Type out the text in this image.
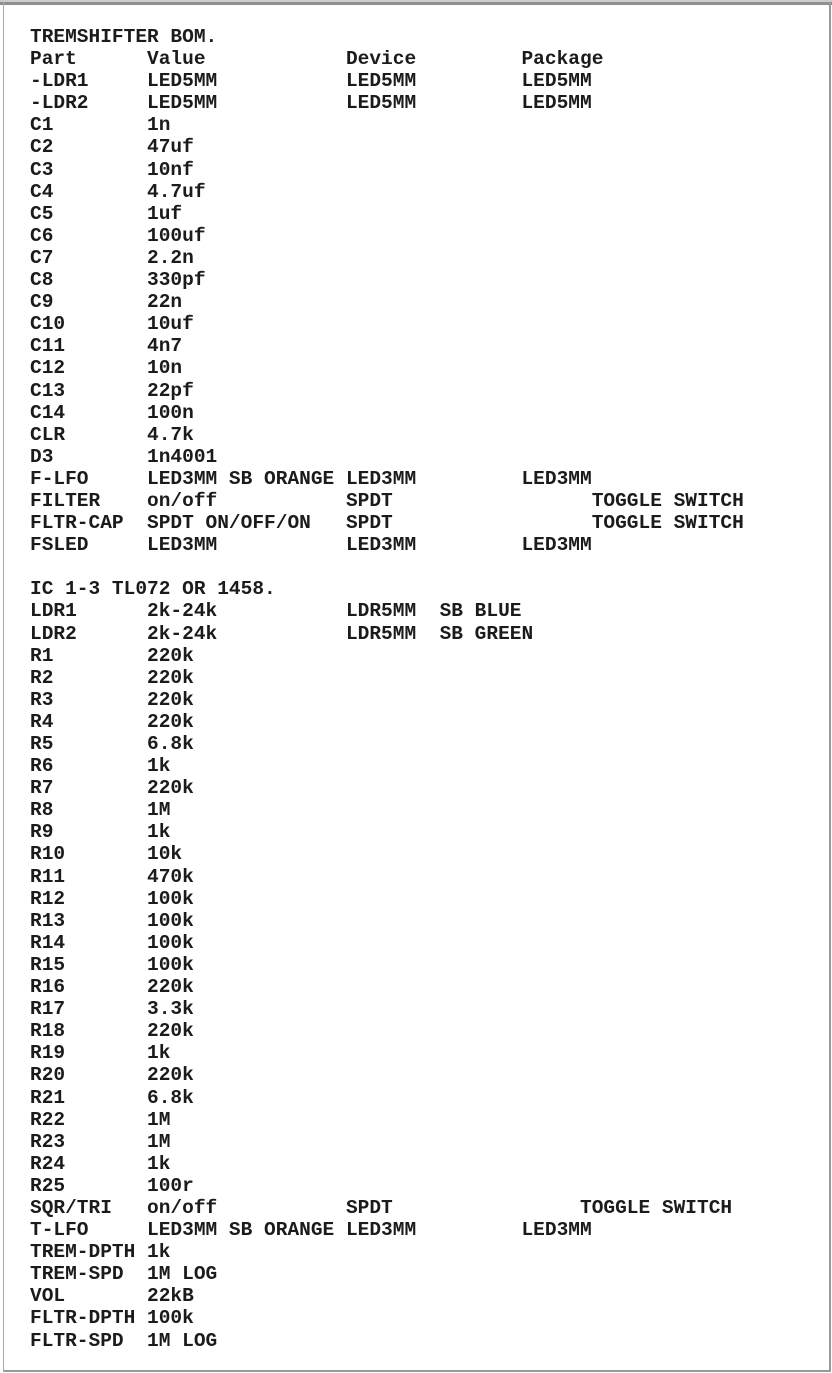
TREMSHIFTER BOM.
Part      Value            Device         Package
-LDR1     LED5MM           LED5MM         LED5MM
-LDR2     LED5MM           LED5MM         LED5MM
C1        1n
C2        47uf
C3        10nf
C4        4.7uf
C5        1uf
C6        100uf
C7        2.2n
C8        330pf
C9        22n
C10       10uf
C11       4n7
C12       10n
C13       22pf
C14       100n
CLR       4.7k
D3        1n4001
F-LFO     LED3MM SB ORANGE LED3MM         LED3MM
FILTER    on/off           SPDT                 TOGGLE SWITCH
FLTR-CAP  SPDT ON/OFF/ON   SPDT                 TOGGLE SWITCH
FSLED     LED3MM           LED3MM         LED3MM
IC 1-3 TL072 OR 1458.
LDR1      2k-24k           LDR5MM  SB BLUE
LDR2      2k-24k           LDR5MM  SB GREEN
R1        220k
R2        220k
R3        220k
R4        220k
R5        6.8k
R6        1k
R7        220k
R8        1M
R9        1k
R10       10k
R11       470k
R12       100k
R13       100k
R14       100k
R15       100k
R16       220k
R17       3.3k
R18       220k
R19       1k
R20       220k
R21       6.8k
R22       1M
R23       1M
R24       1k
R25       100r
SQR/TRI   on/off           SPDT                TOGGLE SWITCH
T-LFO     LED3MM SB ORANGE LED3MM         LED3MM
TREM-DPTH 1k
TREM-SPD  1M LOG
VOL       22kB
FLTR-DPTH 100k
FLTR-SPD  1M LOG
